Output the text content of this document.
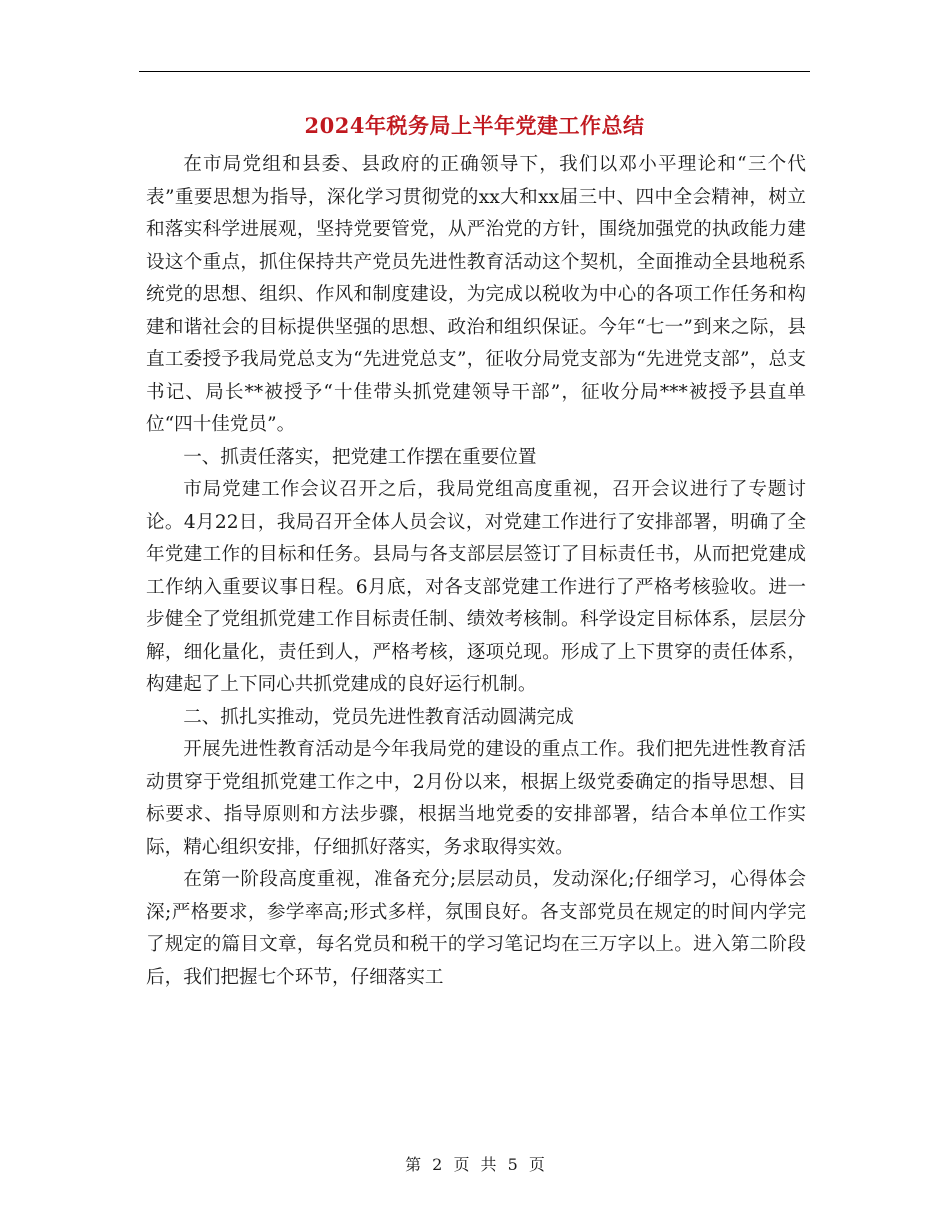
2024年税务局上半年党建工作总结

在市局党组和县委、县政府的正确领导下，我们以邓小平理论和“三个代表”重要思想为指导，深化学习贯彻党的xx大和xx届三中、四中全会精神，树立和落实科学进展观，坚持党要管党，从严治党的方针，围绕加强党的执政能力建设这个重点，抓住保持共产党员先进性教育活动这个契机，全面推动全县地税系统党的思想、组织、作风和制度建设，为完成以税收为中心的各项工作任务和构建和谐社会的目标提供坚强的思想、政治和组织保证。今年“七一”到来之际，县直工委授予我局党总支为“先进党总支”，征收分局党支部为“先进党支部”，总支书记、局长**被授予“十佳带头抓党建领导干部”，征收分局***被授予县直单位“四十佳党员”。

一、抓责任落实，把党建工作摆在重要位置

市局党建工作会议召开之后，我局党组高度重视，召开会议进行了专题讨论。4月22日，我局召开全体人员会议，对党建工作进行了安排部署，明确了全年党建工作的目标和任务。县局与各支部层层签订了目标责任书，从而把党建成工作纳入重要议事日程。6月底，对各支部党建工作进行了严格考核验收。进一步健全了党组抓党建工作目标责任制、绩效考核制。科学设定目标体系，层层分解，细化量化，责任到人，严格考核，逐项兑现。形成了上下贯穿的责任体系，构建起了上下同心共抓党建成的良好运行机制。

二、抓扎实推动，党员先进性教育活动圆满完成

开展先进性教育活动是今年我局党的建设的重点工作。我们把先进性教育活动贯穿于党组抓党建工作之中，2月份以来，根据上级党委确定的指导思想、目标要求、指导原则和方法步骤，根据当地党委的安排部署，结合本单位工作实际，精心组织安排，仔细抓好落实，务求取得实效。

在第一阶段高度重视，准备充分;层层动员，发动深化;仔细学习，心得体会深;严格要求，参学率高;形式多样，氛围良好。各支部党员在规定的时间内学完了规定的篇目文章，每名党员和税干的学习笔记均在三万字以上。进入第二阶段后，我们把握七个环节，仔细落实工

第 2 页 共 5 页
